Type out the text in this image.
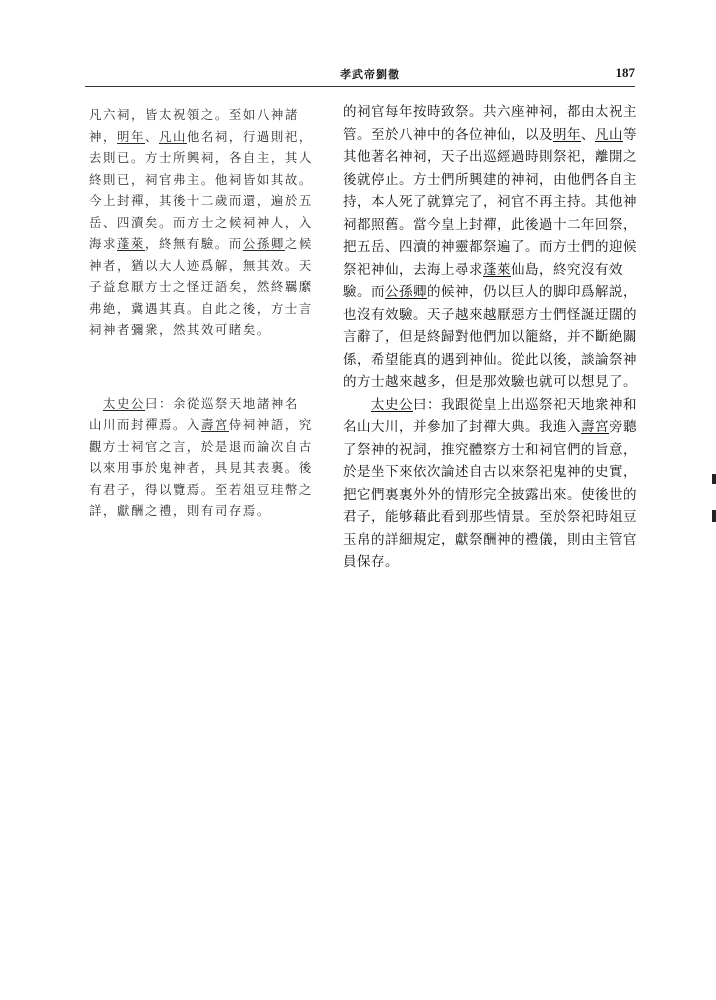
孝武帝劉徹	187
凡六祠，皆太祝領之。至如八神諸
神，明年、凡山他名祠，行過則祀，
去則已。方士所興祠，各自主，其人
終則已，祠官弗主。他祠皆如其故。
今上封禪，其後十二歲而還，遍於五
岳、四瀆矣。而方士之候祠神人，入
海求蓬萊，終無有驗。而公孫卿之候
神者，猶以大人迹爲解，無其效。天
子益怠厭方士之怪迂語矣，然終羈縻
弗絶，冀遇其真。自此之後，方士言
祠神者彌衆，然其效可睹矣。
　太史公曰：余從巡祭天地諸神名
山川而封禪焉。入壽宮侍祠神語，究
觀方士祠官之言，於是退而論次自古
以來用事於鬼神者，具見其表裏。後
有君子，得以覽焉。至若俎豆珪幣之
詳，獻酬之禮，則有司存焉。
的祠官每年按時致祭。共六座神祠，都由太祝主
管。至於八神中的各位神仙，以及明年、凡山等
其他著名神祠，天子出巡經過時則祭祀，離開之
後就停止。方士們所興建的神祠，由他們各自主
持，本人死了就算完了，祠官不再主持。其他神
祠都照舊。當今皇上封禪，此後過十二年回祭，
把五岳、四瀆的神靈都祭遍了。而方士們的迎候
祭祀神仙，去海上尋求蓬萊仙島，終究沒有效
驗。而公孫卿的候神，仍以巨人的脚印爲解説，
也沒有效驗。天子越來越厭惡方士們怪誕迂闊的
言辭了，但是終歸對他們加以籠絡，并不斷絶關
係，希望能真的遇到神仙。從此以後，談論祭神
的方士越來越多，但是那效驗也就可以想見了。
　　太史公曰：我跟從皇上出巡祭祀天地衆神和
名山大川，并參加了封禪大典。我進入壽宮旁聽
了祭神的祝詞，推究體察方士和祠官們的旨意，
於是坐下來依次論述自古以來祭祀鬼神的史實，
把它們裏裏外外的情形完全披露出來。使後世的
君子，能够藉此看到那些情景。至於祭祀時俎豆
玉帛的詳細規定，獻祭酬神的禮儀，則由主管官
員保存。
